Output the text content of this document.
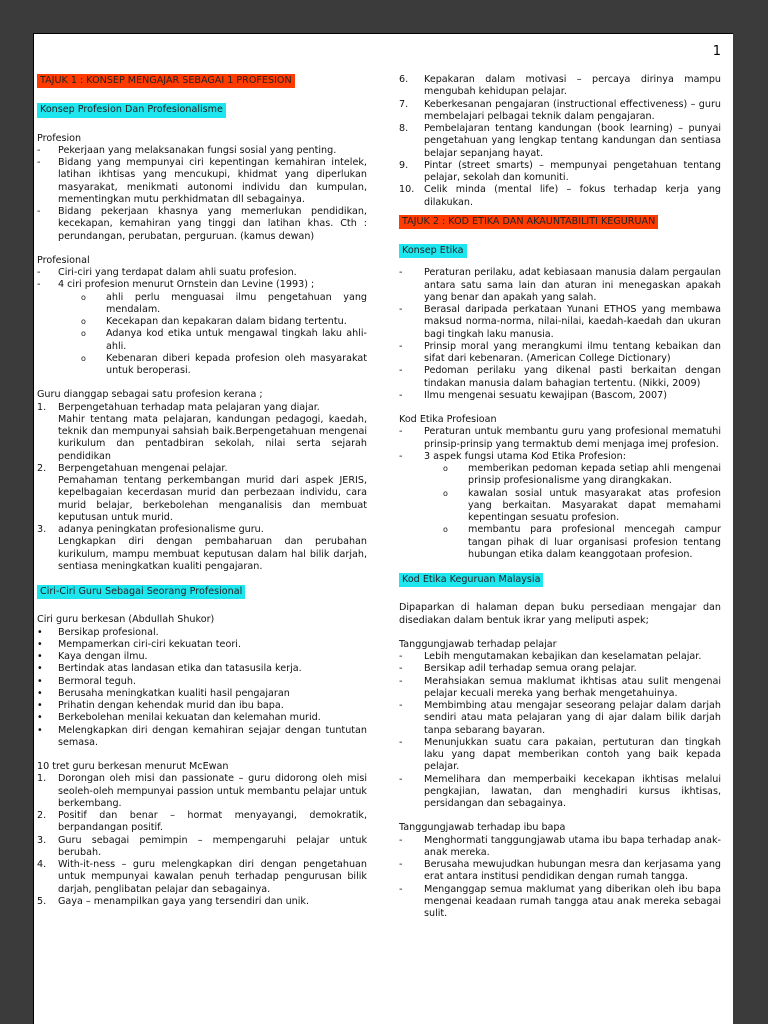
1
TAJUK 1 : KONSEP MENGAJAR SEBAGAI 1 PROFESION
Konsep Profesion Dan Profesionalisme
Profesion
-	Pekerjaan yang melaksanakan fungsi sosial yang penting.
-	Bidang yang mempunyai ciri kepentingan kemahiran intelek, latihan ikhtisas yang mencukupi, khidmat yang diperlukan masyarakat, menikmati autonomi individu dan kumpulan, mementingkan mutu perkhidmatan dll sebagainya.
-	Bidang pekerjaan khasnya yang memerlukan pendidikan, kecekapan, kemahiran yang tinggi dan latihan khas. Cth : perundangan, perubatan, perguruan. (kamus dewan)
Profesional
-	Ciri-ciri yang terdapat dalam ahli suatu profesion.
-	4 ciri profesion menurut Ornstein dan Levine (1993) ;
o	ahli perlu menguasai ilmu pengetahuan yang mendalam.
o	Kecekapan dan kepakaran dalam bidang tertentu.
o	Adanya kod etika untuk mengawal tingkah laku ahli-ahli.
o	Kebenaran diberi kepada profesion oleh masyarakat untuk beroperasi.
Guru dianggap sebagai satu profesion kerana ;
1.	Berpengetahuan terhadap mata pelajaran yang diajar.
Mahir tentang mata pelajaran, kandungan pedagogi, kaedah, teknik dan mempunyai sahsiah baik.Berpengetahuan mengenai kurikulum dan pentadbiran sekolah, nilai serta sejarah pendidikan
2.	Berpengetahuan mengenai pelajar.
Pemahaman tentang perkembangan murid dari aspek JERIS, kepelbagaian kecerdasan murid dan perbezaan individu, cara murid belajar, berkebolehan menganalisis dan membuat keputusan untuk murid.
3.	adanya peningkatan profesionalisme guru.
Lengkapkan diri dengan pembaharuan dan perubahan kurikulum, mampu membuat keputusan dalam hal bilik darjah, sentiasa meningkatkan kualiti pengajaran.
Ciri-Ciri Guru Sebagai Seorang Profesional
Ciri guru berkesan (Abdullah Shukor)
•	Bersikap profesional.
•	Mempamerkan ciri-ciri kekuatan teori.
•	Kaya dengan ilmu.
•	Bertindak atas landasan etika dan tatasusila kerja.
•	Bermoral teguh.
•	Berusaha meningkatkan kualiti hasil pengajaran
•	Prihatin dengan kehendak murid dan ibu bapa.
•	Berkebolehan menilai kekuatan dan kelemahan murid.
•	Melengkapkan diri dengan kemahiran sejajar dengan tuntutan semasa.
10 tret guru berkesan menurut McEwan
1.	Dorongan oleh misi dan passionate – guru didorong oleh misi seoleh-oleh mempunyai passion untuk membantu pelajar untuk berkembang.
2.	Positif dan benar – hormat menyayangi, demokratik, berpandangan positif.
3.	Guru sebagai pemimpin – mempengaruhi pelajar untuk berubah.
4.	With-it-ness – guru melengkapkan diri dengan pengetahuan untuk mempunyai kawalan penuh terhadap pengurusan bilik darjah, penglibatan pelajar dan sebagainya.
5.	Gaya – menampilkan gaya yang tersendiri dan unik.
6.	Kepakaran dalam motivasi – percaya dirinya mampu mengubah kehidupan pelajar.
7.	Keberkesanan pengajaran (instructional effectiveness) – guru membelajari pelbagai teknik dalam pengajaran.
8.	Pembelajaran tentang kandungan (book learning) – punyai pengetahuan yang lengkap tentang kandungan dan sentiasa belajar sepanjang hayat.
9.	Pintar (street smarts) – mempunyai pengetahuan tentang pelajar, sekolah dan komuniti.
10.	Celik minda (mental life) – fokus terhadap kerja yang dilakukan.
TAJUK 2 : KOD ETIKA DAN AKAUNTABILITI KEGURUAN
Konsep Etika
-	Peraturan perilaku, adat kebiasaan manusia dalam pergaulan antara satu sama lain dan aturan ini menegaskan apakah yang benar dan apakah yang salah.
-	Berasal daripada perkataan Yunani ETHOS yang membawa maksud norma-norma, nilai-nilai, kaedah-kaedah dan ukuran bagi tingkah laku manusia.
-	Prinsip moral yang merangkumi ilmu tentang kebaikan dan sifat dari kebenaran. (American College Dictionary)
-	Pedoman perilaku yang dikenal pasti berkaitan dengan tindakan manusia dalam bahagian tertentu. (Nikki, 2009)
-	Ilmu mengenai sesuatu kewajipan (Bascom, 2007)
Kod Etika Profesioan
-	Peraturan untuk membantu guru yang profesional mematuhi prinsip-prinsip yang termaktub demi menjaga imej profesion.
-	3 aspek fungsi utama Kod Etika Profesion:
o	memberikan pedoman kepada setiap ahli mengenai prinsip profesionalisme yang dirangkakan.
o	kawalan sosial untuk masyarakat atas profesion yang berkaitan. Masyarakat dapat memahami kepentingan sesuatu profesion.
o	membantu para profesional mencegah campur tangan pihak di luar organisasi profesion tentang hubungan etika dalam keanggotaan profesion.
Kod Etika Keguruan Malaysia
Dipaparkan di halaman depan buku persediaan mengajar dan disediakan dalam bentuk ikrar yang meliputi aspek;
Tanggungjawab terhadap pelajar
-	Lebih mengutamakan kebajikan dan keselamatan pelajar.
-	Bersikap adil terhadap semua orang pelajar.
-	Merahsiakan semua maklumat ikhtisas atau sulit mengenai pelajar kecuali mereka yang berhak mengetahuinya.
-	Membimbing atau mengajar seseorang pelajar dalam darjah sendiri atau mata pelajaran yang di ajar dalam bilik darjah tanpa sebarang bayaran.
-	Menunjukkan suatu cara pakaian, pertuturan dan tingkah laku yang dapat memberikan contoh yang baik kepada pelajar.
-	Memelihara dan memperbaiki kecekapan ikhtisas melalui pengkajian, lawatan, dan menghadiri kursus ikhtisas, persidangan dan sebagainya.
Tanggungjawab terhadap ibu bapa
-	Menghormati tanggungjawab utama ibu bapa terhadap anak-anak mereka.
-	Berusaha mewujudkan hubungan mesra dan kerjasama yang erat antara institusi pendidikan dengan rumah tangga.
-	Menganggap semua maklumat yang diberikan oleh ibu bapa mengenai keadaan rumah tangga atau anak mereka sebagai sulit.
